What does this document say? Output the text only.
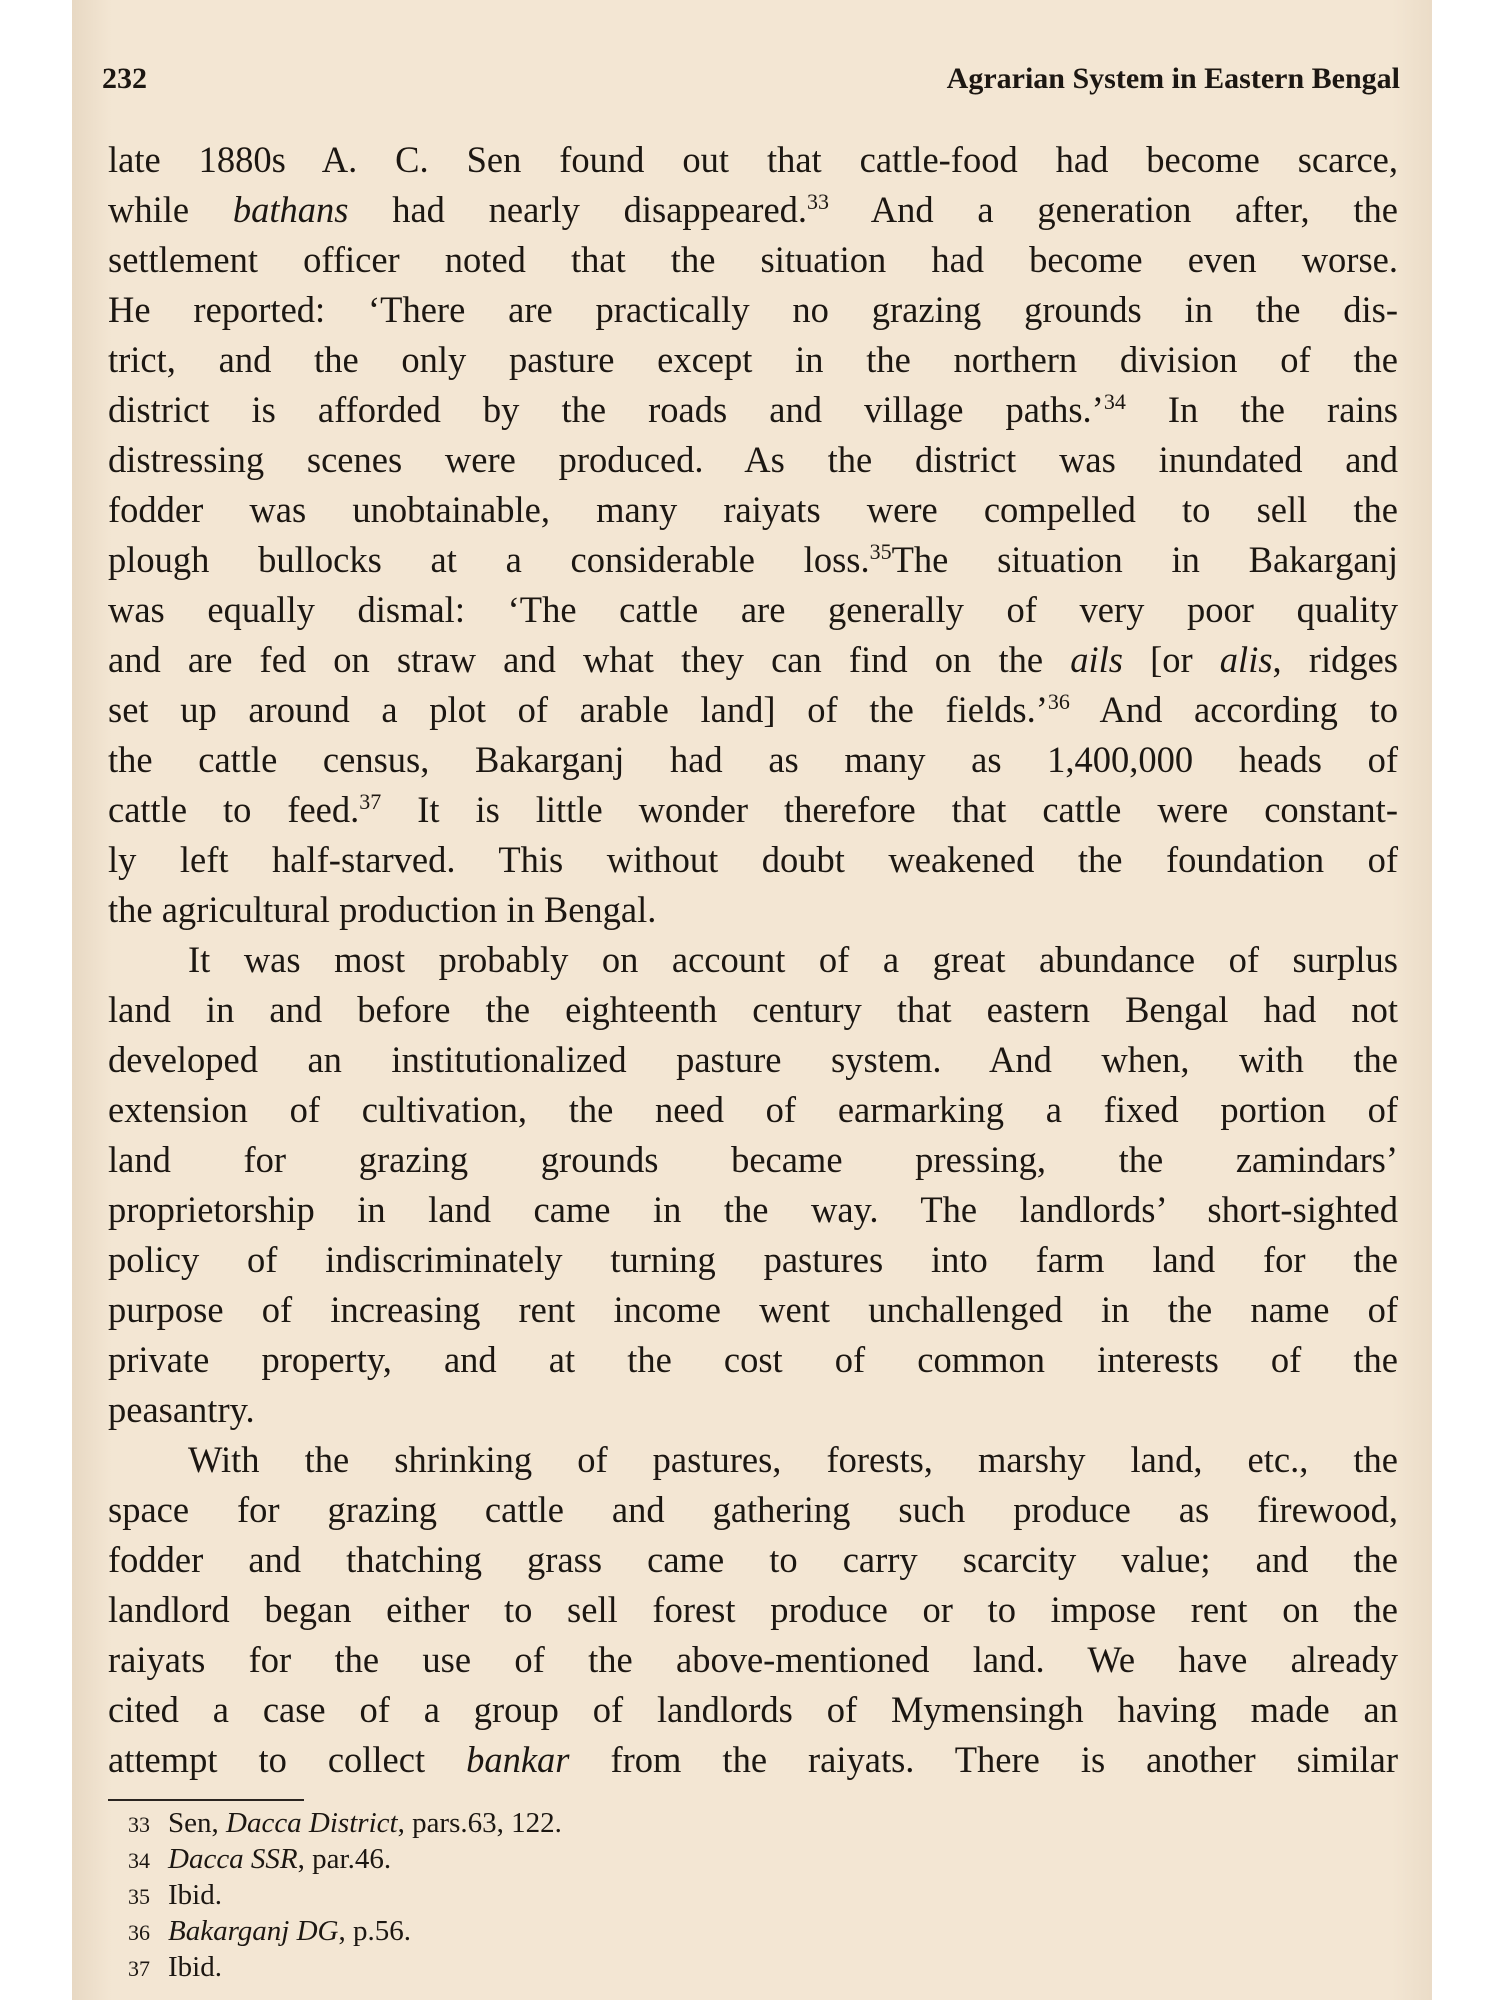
232	Agrarian System in Eastern Bengal
late 1880s A. C. Sen found out that cattle-food had become scarce,
while bathans had nearly disappeared.$^{33}$ And a generation after, the
settlement officer noted that the situation had become even worse.
He reported: ‘There are practically no grazing grounds in the dis-
trict, and the only pasture except in the northern division of the
district is afforded by the roads and village paths.’$^{34}$ In the rains
distressing scenes were produced. As the district was inundated and
fodder was unobtainable, many raiyats were compelled to sell the
plough bullocks at a considerable loss.$^{35}$The situation in Bakarganj
was equally dismal: ‘The cattle are generally of very poor quality
and are fed on straw and what they can find on the ails [or alis, ridges
set up around a plot of arable land] of the fields.’$^{36}$ And according to
the cattle census, Bakarganj had as many as 1,400,000 heads of
cattle to feed.$^{37}$ It is little wonder therefore that cattle were constant-
ly left half-starved. This without doubt weakened the foundation of
the agricultural production in Bengal.
It was most probably on account of a great abundance of surplus
land in and before the eighteenth century that eastern Bengal had not
developed an institutionalized pasture system. And when, with the
extension of cultivation, the need of earmarking a fixed portion of
land for grazing grounds became pressing, the zamindars’
proprietorship in land came in the way. The landlords’ short-sighted
policy of indiscriminately turning pastures into farm land for the
purpose of increasing rent income went unchallenged in the name of
private property, and at the cost of common interests of the
peasantry.
With the shrinking of pastures, forests, marshy land, etc., the
space for grazing cattle and gathering such produce as firewood,
fodder and thatching grass came to carry scarcity value; and the
landlord began either to sell forest produce or to impose rent on the
raiyats for the use of the above-mentioned land. We have already
cited a case of a group of landlords of Mymensingh having made an
attempt to collect bankar from the raiyats. There is another similar
33 Sen, Dacca District, pars.63, 122.
34 Dacca SSR, par.46.
35 Ibid.
36 Bakarganj DG, p.56.
37 Ibid.
